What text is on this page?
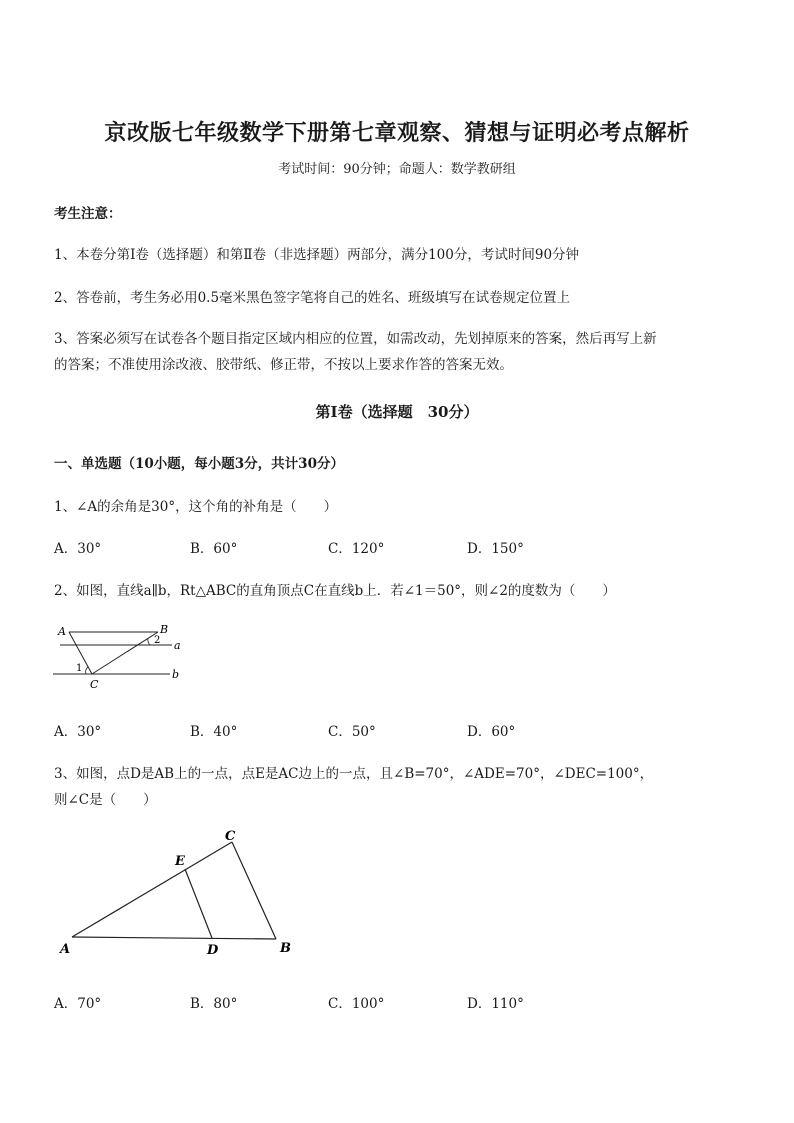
京改版七年级数学下册第七章观察、猜想与证明必考点解析
考试时间：90分钟；命题人：数学教研组
考生注意：
1、本卷分第Ⅰ卷（选择题）和第Ⅱ卷（非选择题）两部分，满分100分，考试时间90分钟
2、答卷前，考生务必用0.5毫米黑色签字笔将自己的姓名、班级填写在试卷规定位置上
3、答案必须写在试卷各个题目指定区域内相应的位置，如需改动，先划掉原来的答案，然后再写上新
的答案；不准使用涂改液、胶带纸、修正带，不按以上要求作答的答案无效。
第Ⅰ卷（选择题　30分）
一、单选题（10小题，每小题3分，共计30分）
1、∠A的余角是30°，这个角的补角是（　　）
A．30°	B．60°	C．120°	D．150°
2、如图，直线a∥b，Rt△ABC的直角顶点C在直线b上．若∠1＝50°，则∠2的度数为（　　）
A	B
2 a
1
C
b
A．30°	B．40°	C．50°	D．60°
3、如图，点D是AB上的一点，点E是AC边上的一点，且∠B=70°，∠ADE=70°，∠DEC=100°，
则∠C是（　　）
C
E
A	D	B
A．70°	B．80°	C．100°	D．110°
